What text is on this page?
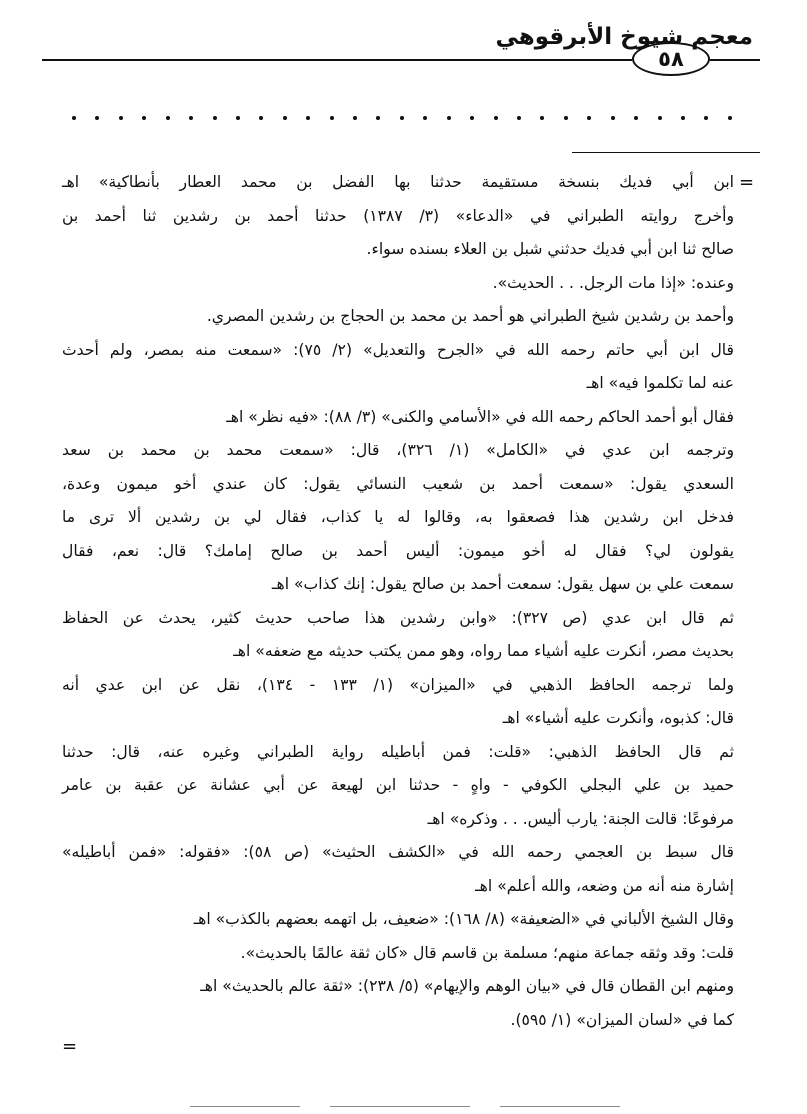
معجم شيوخ الأبرقوهي
٥٨
=

ابن أبي فديك بنسخة مستقيمة حدثنا بها الفضل بن محمد العطار بأنطاكية» اهـ

وأخرج روايته الطبراني في «الدعاء» (٣/ ١٣٨٧) حدثنا أحمد بن رشدين ثنا أحمد بن

صالح ثنا ابن أبي فديك حدثني شبل بن العلاء بسنده سواء.

وعنده: «إذا مات الرجل. . . الحديث».

وأحمد بن رشدين شيخ الطبراني هو أحمد بن محمد بن الحجاج بن رشدين المصري.

قال ابن أبي حاتم رحمه الله في «الجرح والتعديل» (٢/ ٧٥): «سمعت منه بمصر، ولم أحدث

عنه لما تكلموا فيه» اهـ

فقال أبو أحمد الحاكم رحمه الله في «الأسامي والكنى» (٣/ ٨٨): «فيه نظر» اهـ

وترجمه ابن عدي في «الكامل» (١/ ٣٢٦)، قال: «سمعت محمد بن محمد بن سعد

السعدي يقول: «سمعت أحمد بن شعيب النسائي يقول: كان عندي أخو ميمون وعدة،

فدخل ابن رشدين هذا فصعقوا به، وقالوا له يا كذاب، فقال لي بن رشدين ألا ترى ما

يقولون لي؟ فقال له أخو ميمون: أليس أحمد بن صالح إمامك؟ قال: نعم، فقال

سمعت علي بن سهل يقول: سمعت أحمد بن صالح يقول: إنك كذاب» اهـ

ثم قال ابن عدي (ص ٣٢٧): «وابن رشدين هذا صاحب حديث كثير، يحدث عن الحفاظ

بحديث مصر، أنكرت عليه أشياء مما رواه، وهو ممن يكتب حديثه مع ضعفه» اهـ

ولما ترجمه الحافظ الذهبي في «الميزان» (١/ ١٣٣ - ١٣٤)، نقل عن ابن عدي أنه

قال: كذبوه، وأنكرت عليه أشياء» اهـ

ثم قال الحافظ الذهبي: «قلت: فمن أباطيله رواية الطبراني وغيره عنه، قال: حدثنا

حميد بن علي البجلي الكوفي - واهٍ - حدثنا ابن لهيعة عن أبي عشانة عن عقبة بن عامر

مرفوعًا: قالت الجنة: يارب أليس. . . وذكره» اهـ

قال سبط بن العجمي رحمه الله في «الكشف الحثيث» (ص ٥٨): «فقوله: «فمن أباطيله»

إشارة منه أنه من وضعه، والله أعلم» اهـ

وقال الشيخ الألباني في «الضعيفة» (٨/ ١٦٨): «ضعيف، بل اتهمه بعضهم بالكذب» اهـ

قلت: وقد وثقه جماعة منهم؛ مسلمة بن قاسم قال «كان ثقة عالمًا بالحديث».

ومنهم ابن القطان قال في «بيان الوهم والإيهام» (٥/ ٢٣٨): «ثقة عالم بالحديث» اهـ

كما في «لسان الميزان» (١/ ٥٩٥).

=
